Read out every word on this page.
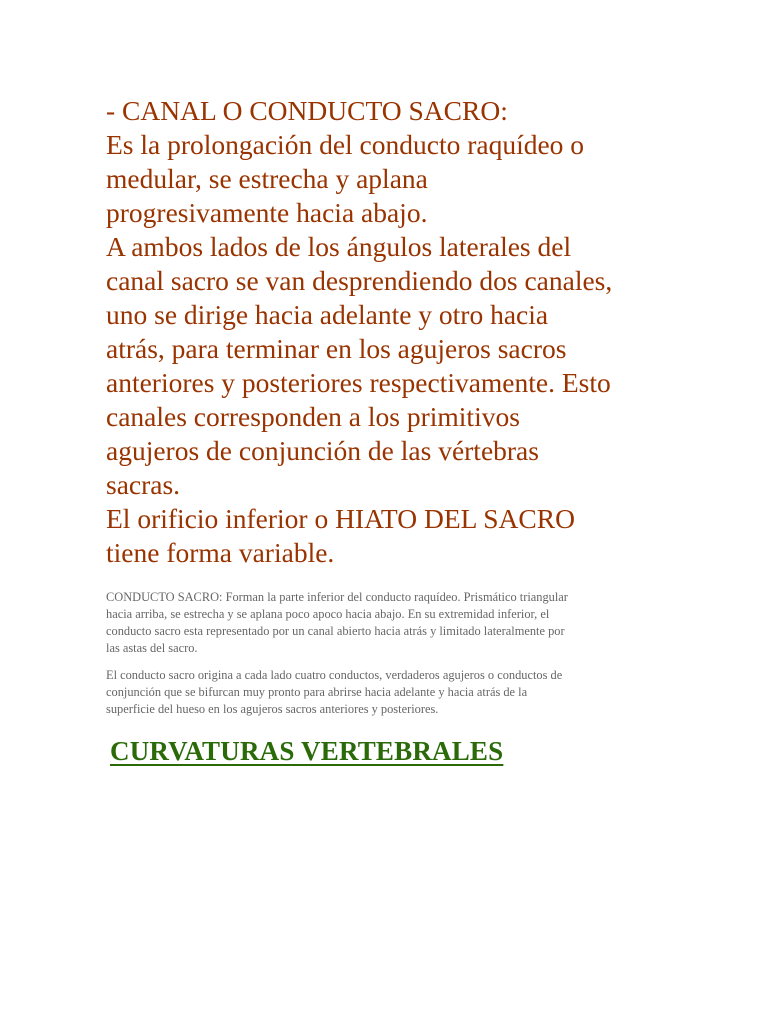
- CANAL O CONDUCTO SACRO:
Es la prolongación del conducto raquídeo o
medular, se estrecha y aplana
progresivamente hacia abajo.
A ambos lados de los ángulos laterales del
canal sacro se van desprendiendo dos canales,
uno se dirige hacia adelante y otro hacia
atrás, para terminar en los agujeros sacros
anteriores y posteriores respectivamente. Esto
canales corresponden a los primitivos
agujeros de conjunción de las vértebras
sacras.
El orificio inferior o HIATO DEL SACRO
tiene forma variable.

CONDUCTO SACRO: Forman la parte inferior del conducto raquídeo. Prismático triangular
hacia arriba, se estrecha y se aplana poco apoco hacia abajo. En su extremidad inferior, el
conducto sacro esta representado por un canal abierto hacia atrás y limitado lateralmente por
las astas del sacro.

El conducto sacro origina a cada lado cuatro conductos, verdaderos agujeros o conductos de
conjunción que se bifurcan muy pronto para abrirse hacia adelante y hacia atrás de la
superficie del hueso en los agujeros sacros anteriores y posteriores.

CURVATURAS VERTEBRALES
